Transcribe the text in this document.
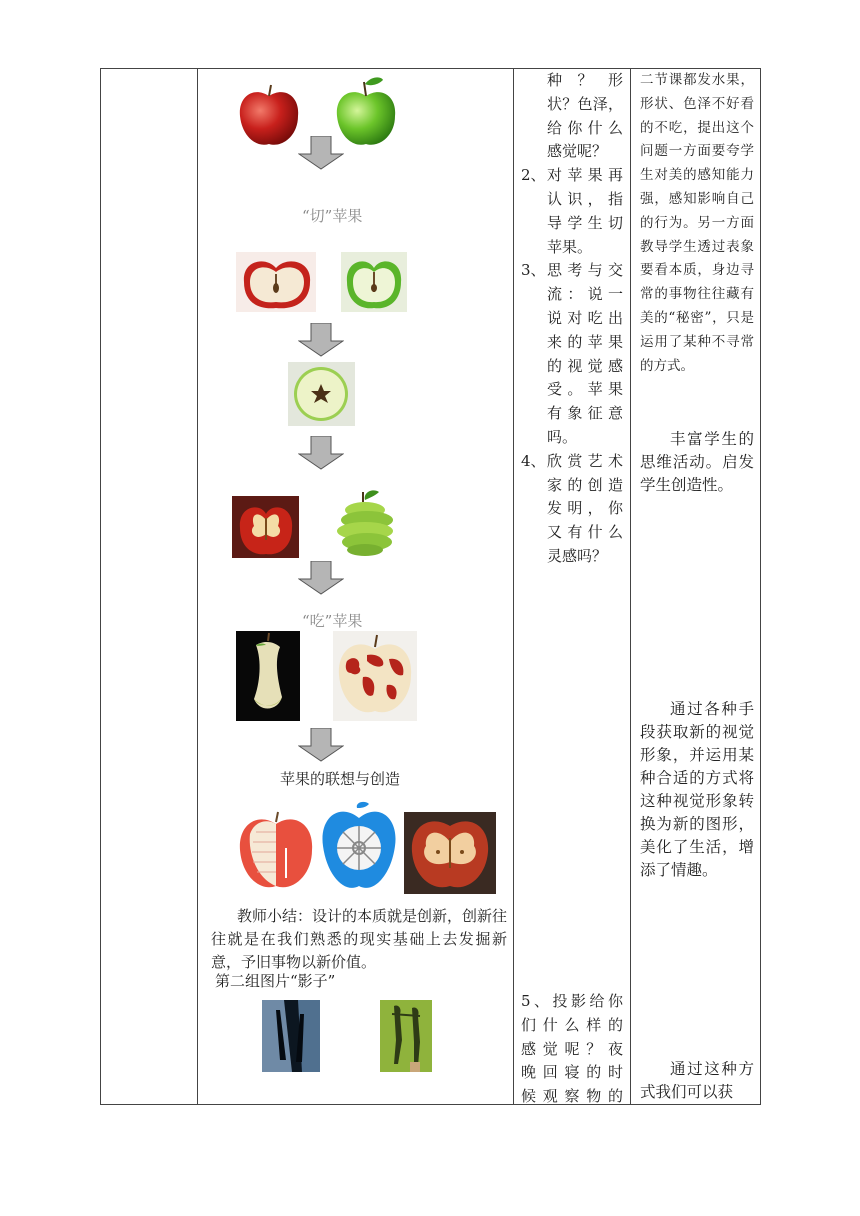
“切”苹果
“吃”苹果
苹果的联想与创造
教师小结：设计的本质就是创新，创新往往就是在我们熟悉的现实基础上去发掘新意，予旧事物以新价值。
第二组图片“影子”
种 ？ 形
状？色泽，
给 你 什 么
感觉呢？
2、 对苹果再
认识，指
导学生切
苹果。
3、 思考与交
流：说一
说对吃出
来的苹果
的视觉感
受。苹果
有象征意
吗。
4、 欣赏艺术
家的创造
发明，你
又有什么
灵感吗？
5、投影给你
们什么样的
感觉呢？夜
晚回寝的时
候观察物的

二节课都发水果，形状、色泽不好看的不吃，提出这个问题一方面要夸学生对美的感知能力强，感知影响自己的行为。另一方面教导学生透过表象要看本质，身边寻常的事物往往藏有美的“秘密”，只是运用了某种不寻常的方式。

丰富学生的思维活动。启发学生创造性。

通过各种手段获取新的视觉形象，并运用某种合适的方式将这种视觉形象转换为新的图形，美化了生活，增添了情趣。

通过这种方式我们可以获
